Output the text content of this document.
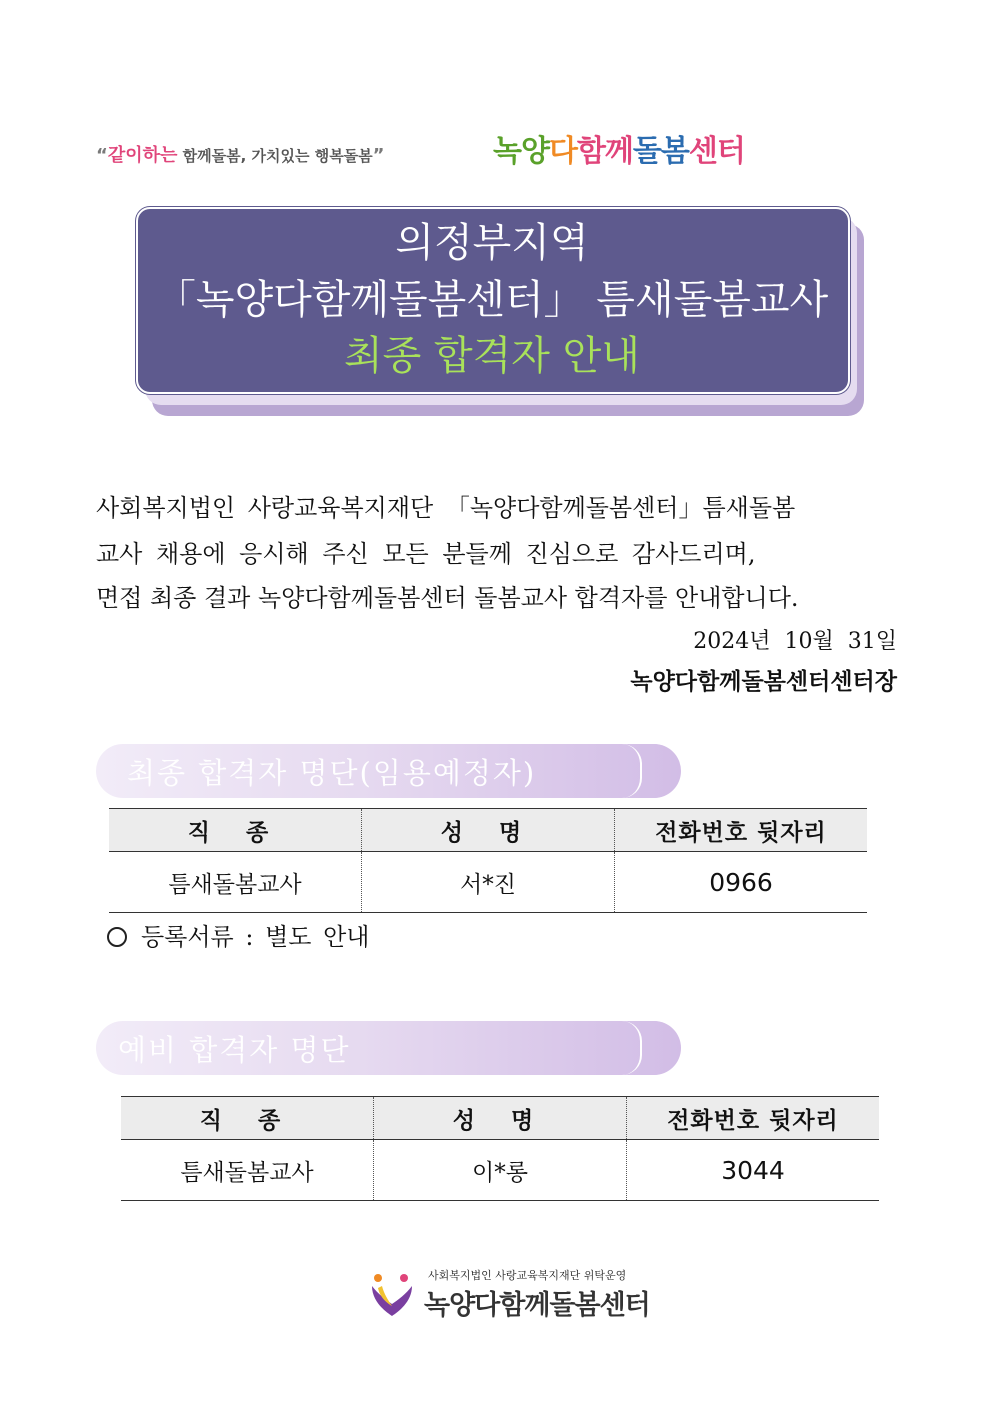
“같이하는 함께돌봄, 가치있는 행복돌봄”	녹양다함께돌봄센터
의정부지역
「녹양다함께돌봄센터」 틈새돌봄교사
최종 합격자 안내
사회복지법인 사랑교육복지재단 「녹양다함께돌봄센터」틈새돌봄
교사 채용에 응시해 주신 모든 분들께 진심으로 감사드리며,
면접 최종 결과 녹양다함께돌봄센터 돌봄교사 합격자를 안내합니다.
2024년  10월  31일
녹양다함께돌봄센터센터장
최종 합격자 명단(임용예정자)
직 종	성 명	전화번호 뒷자리
틈새돌봄교사	서*진	0966
등록서류 : 별도 안내
예비 합격자 명단
직 종	성 명	전화번호 뒷자리
틈새돌봄교사	이*롱	3044
사회복지법인 사랑교육복지재단 위탁운영
녹양다함께돌봄센터
